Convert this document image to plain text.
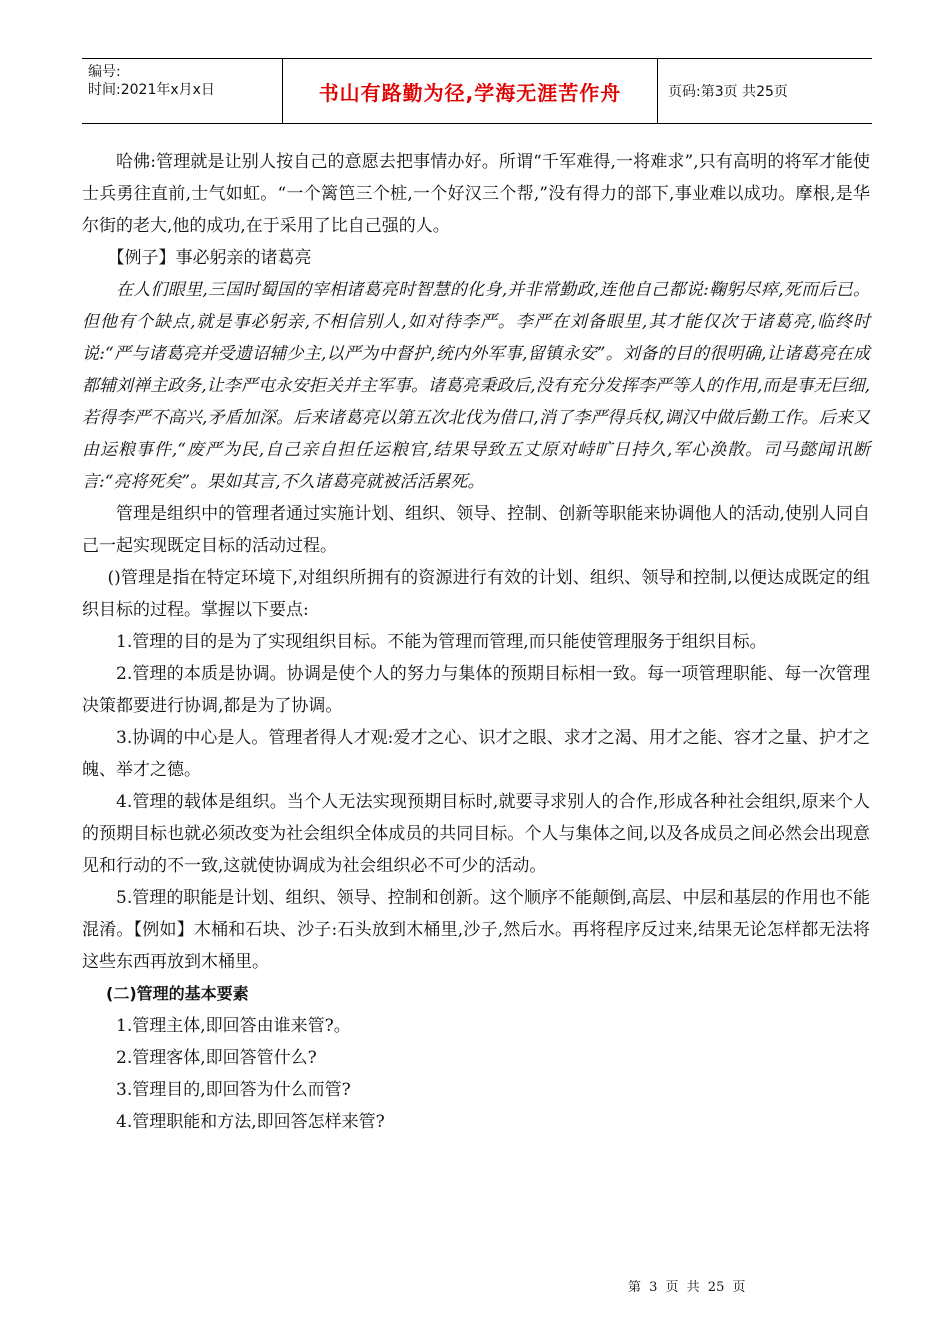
编号:
时间:2021年x月x日	书山有路勤为径,学海无涯苦作舟	页码:第3页 共25页

哈佛:管理就是让别人按自己的意愿去把事情办好。所谓“千军难得,一将难求”,只有高明的将军才能使士兵勇往直前,士气如虹。“一个篱笆三个桩,一个好汉三个帮,”没有得力的部下,事业难以成功。摩根,是华尔街的老大,他的成功,在于采用了比自己强的人。

【例子】事必躬亲的诸葛亮

在人们眼里,三国时蜀国的宰相诸葛亮时智慧的化身,并非常勤政,连他自己都说:鞠躬尽瘁,死而后已。但他有个缺点,就是事必躬亲,不相信别人,如对待李严。李严在刘备眼里,其才能仅次于诸葛亮,临终时说:“严与诸葛亮并受遗诏辅少主,以严为中督护,统内外军事,留镇永安”。刘备的目的很明确,让诸葛亮在成都辅刘禅主政务,让李严屯永安拒关并主军事。诸葛亮秉政后,没有充分发挥李严等人的作用,而是事无巨细,若得李严不高兴,矛盾加深。后来诸葛亮以第五次北伐为借口,消了李严得兵权,调汉中做后勤工作。后来又由运粮事件,“废严为民,自己亲自担任运粮官,结果导致五丈原对峙旷日持久,军心涣散。司马懿闻讯断言:“亮将死矣”。果如其言,不久诸葛亮就被活活累死。

管理是组织中的管理者通过实施计划、组织、领导、控制、创新等职能来协调他人的活动,使别人同自己一起实现既定目标的活动过程。

()管理是指在特定环境下,对组织所拥有的资源进行有效的计划、组织、领导和控制,以便达成既定的组织目标的过程。掌握以下要点:

1.管理的目的是为了实现组织目标。不能为管理而管理,而只能使管理服务于组织目标。

2.管理的本质是协调。协调是使个人的努力与集体的预期目标相一致。每一项管理职能、每一次管理决策都要进行协调,都是为了协调。

3.协调的中心是人。管理者得人才观:爱才之心、识才之眼、求才之渴、用才之能、容才之量、护才之魄、举才之德。

4.管理的载体是组织。当个人无法实现预期目标时,就要寻求别人的合作,形成各种社会组织,原来个人的预期目标也就必须改变为社会组织全体成员的共同目标。个人与集体之间,以及各成员之间必然会出现意见和行动的不一致,这就使协调成为社会组织必不可少的活动。

5.管理的职能是计划、组织、领导、控制和创新。这个顺序不能颠倒,高层、中层和基层的作用也不能混淆。【例如】木桶和石块、沙子:石头放到木桶里,沙子,然后水。再将程序反过来,结果无论怎样都无法将这些东西再放到木桶里。

(二)管理的基本要素

1.管理主体,即回答由谁来管?。

2.管理客体,即回答管什么?

3.管理目的,即回答为什么而管?

4.管理职能和方法,即回答怎样来管?

第 3 页 共 25 页
